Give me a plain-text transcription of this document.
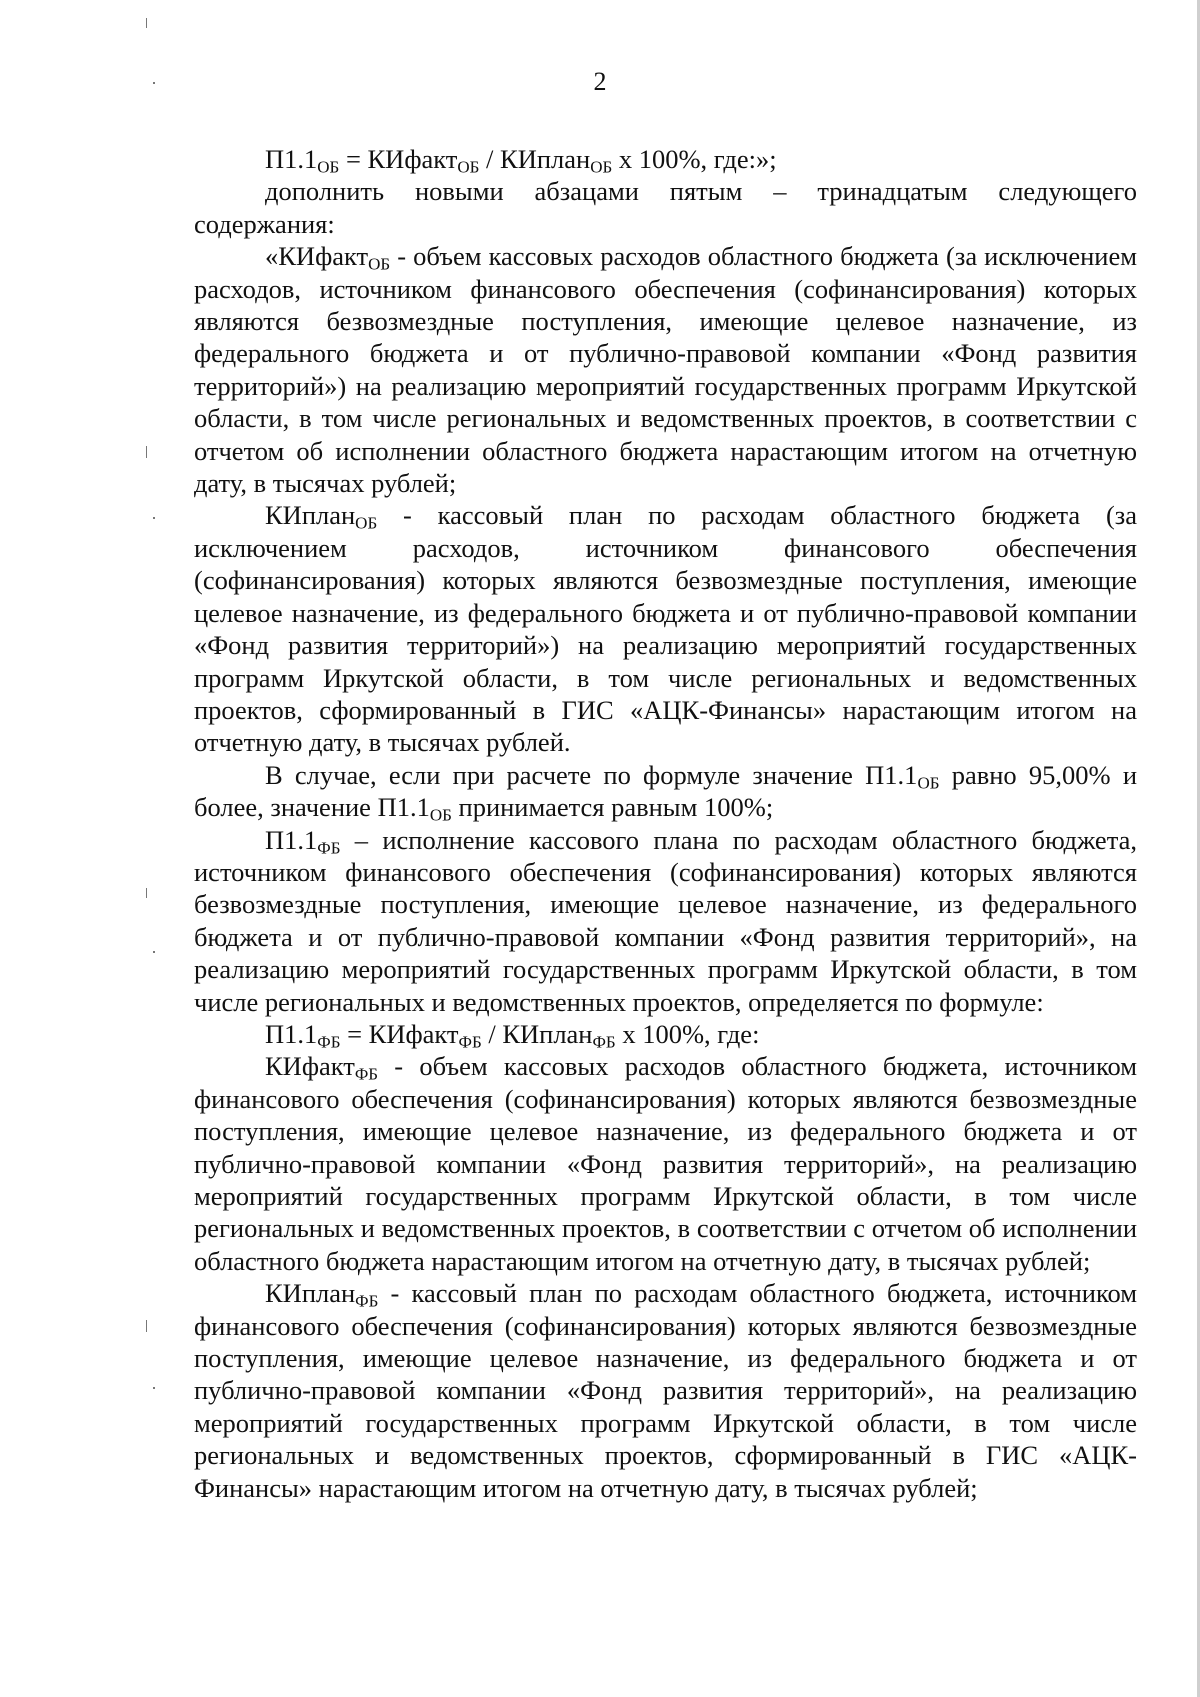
2

$П1.1_{ОБ}$ = КИфакт$_{ОБ}$ / КИплан$_{ОБ}$ х 100%, где:»;

дополнить новыми абзацами пятым – тринадцатым следующего содержания:

«КИфакт$_{ОБ}$ - объем кассовых расходов областного бюджета (за исключением расходов, источником финансового обеспечения (софинансирования) которых являются безвозмездные поступления, имеющие целевое назначение, из федерального бюджета и от публично-правовой компании «Фонд развития территорий») на реализацию мероприятий государственных программ Иркутской области, в том числе региональных и ведомственных проектов, в соответствии с отчетом об исполнении областного бюджета нарастающим итогом на отчетную дату, в тысячах рублей;

КИплан$_{ОБ}$ - кассовый план по расходам областного бюджета (за исключением расходов, источником финансового обеспечения (софинансирования) которых являются безвозмездные поступления, имеющие целевое назначение, из федерального бюджета и от публично-правовой компании «Фонд развития территорий») на реализацию мероприятий государственных программ Иркутской области, в том числе региональных и ведомственных проектов, сформированный в ГИС «АЦК-Финансы» нарастающим итогом на отчетную дату, в тысячах рублей.

В случае, если при расчете по формуле значение $П1.1_{ОБ}$ равно 95,00% и более, значение $П1.1_{ОБ}$ принимается равным 100%;

$П1.1_{ФБ}$ – исполнение кассового плана по расходам областного бюджета, источником финансового обеспечения (софинансирования) которых являются безвозмездные поступления, имеющие целевое назначение, из федерального бюджета и от публично-правовой компании «Фонд развития территорий», на реализацию мероприятий государственных программ Иркутской области, в том числе региональных и ведомственных проектов, определяется по формуле:

$П1.1_{ФБ}$ = КИфакт$_{ФБ}$ / КИплан$_{ФБ}$ х 100%, где:

КИфакт$_{ФБ}$ - объем кассовых расходов областного бюджета, источником финансового обеспечения (софинансирования) которых являются безвозмездные поступления, имеющие целевое назначение, из федерального бюджета и от публично-правовой компании «Фонд развития территорий», на реализацию мероприятий государственных программ Иркутской области, в том числе региональных и ведомственных проектов, в соответствии с отчетом об исполнении областного бюджета нарастающим итогом на отчетную дату, в тысячах рублей;

КИплан$_{ФБ}$ - кассовый план по расходам областного бюджета, источником финансового обеспечения (софинансирования) которых являются безвозмездные поступления, имеющие целевое назначение, из федерального бюджета и от публично-правовой компании «Фонд развития территорий», на реализацию мероприятий государственных программ Иркутской области, в том числе региональных и ведомственных проектов, сформированный в ГИС «АЦК-Финансы» нарастающим итогом на отчетную дату, в тысячах рублей;
